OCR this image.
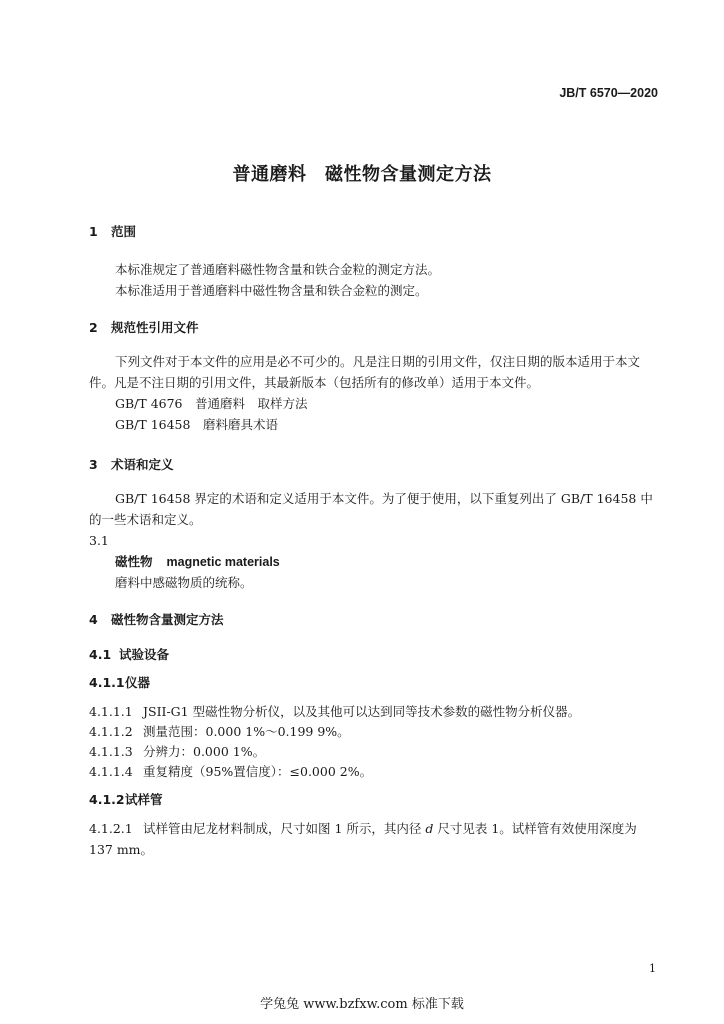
JB/T 6570—2020
普通磨料　磁性物含量测定方法
1 范围
本标准规定了普通磨料磁性物含量和铁合金粒的测定方法。
本标准适用于普通磨料中磁性物含量和铁合金粒的测定。
2 规范性引用文件
下列文件对于本文件的应用是必不可少的。凡是注日期的引用文件，仅注日期的版本适用于本文件。凡是不注日期的引用文件，其最新版本（包括所有的修改单）适用于本文件。
GB/T 4676　普通磨料　取样方法
GB/T 16458　磨料磨具术语
3 术语和定义
GB/T 16458 界定的术语和定义适用于本文件。为了便于使用，以下重复列出了 GB/T 16458 中的一些术语和定义。
3.1
磁性物 magnetic materials
磨料中感磁物质的统称。
4 磁性物含量测定方法
4.1 试验设备
4.1.1仪器
4.1.1.1 JSII-G1 型磁性物分析仪，以及其他可以达到同等技术参数的磁性物分析仪器。
4.1.1.2 测量范围：0.000 1%～0.199 9%。
4.1.1.3 分辨力：0.000 1%。
4.1.1.4 重复精度（95%置信度）：≤0.000 2%。
4.1.2试样管
4.1.2.1 试样管由尼龙材料制成，尺寸如图 1 所示，其内径 d 尺寸见表 1。试样管有效使用深度为 137 mm。
1
学兔兔 www.bzfxw.com 标准下载
